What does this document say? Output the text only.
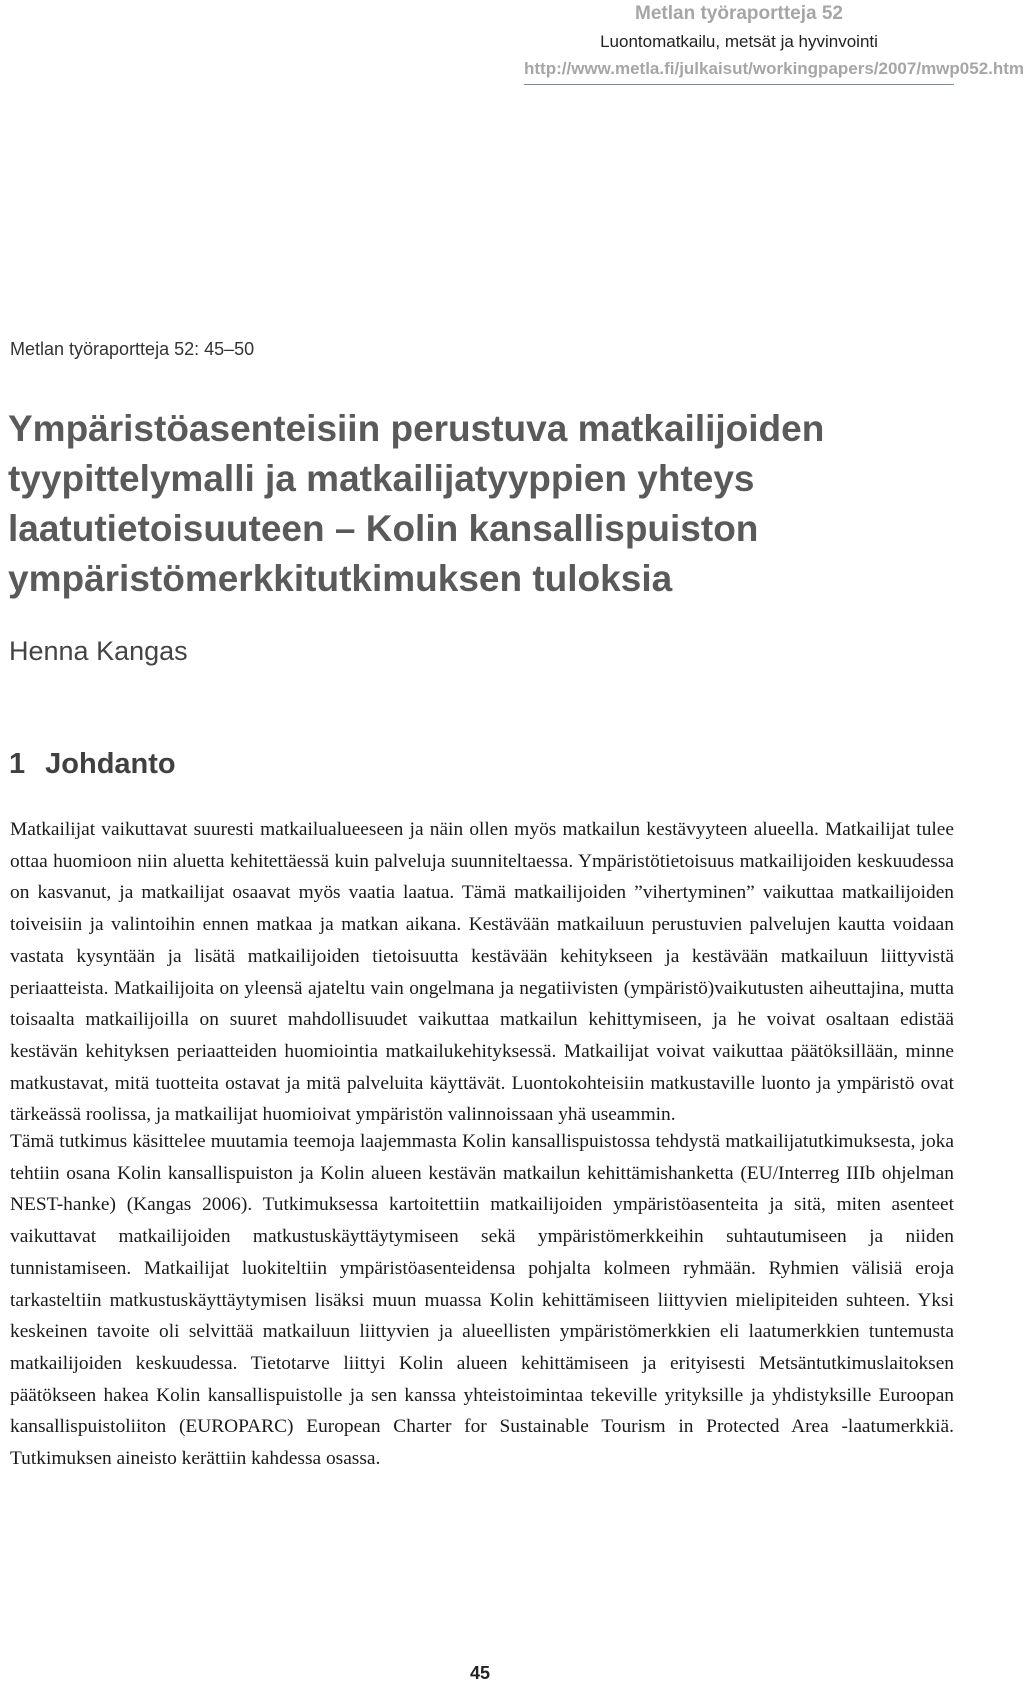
Metlan työraportteja 52
Luontomatkailu, metsät ja hyvinvointi
http://www.metla.fi/julkaisut/workingpapers/2007/mwp052.htm
Metlan työraportteja 52: 45–50
Ympäristöasenteisiin perustuva matkailijoiden
tyypittelymalli ja matkailijatyyppien yhteys
laatutietoisuuteen – Kolin kansallispuiston
ympäristömerkkitutkimuksen tuloksia
Henna Kangas
1 Johdanto

Matkailijat vaikuttavat suuresti matkailualueeseen ja näin ollen myös matkailun kestävyyteen alueella. Matkailijat tulee ottaa huomioon niin aluetta kehitettäessä kuin palveluja suunniteltaessa. Ympäristötietoisuus matkailijoiden keskuudessa on kasvanut, ja matkailijat osaavat myös vaatia laatua. Tämä matkailijoiden ”vihertyminen” vaikuttaa matkailijoiden toiveisiin ja valintoihin ennen matkaa ja matkan aikana. Kestävään matkailuun perustuvien palvelujen kautta voidaan vastata kysyntään ja lisätä matkailijoiden tietoisuutta kestävään kehitykseen ja kestävään matkailuun liittyvistä periaatteista. Matkailijoita on yleensä ajateltu vain ongelmana ja negatiivisten (ympäristö)vaikutusten aiheuttajina, mutta toisaalta matkailijoilla on suuret mahdollisuudet vaikuttaa matkailun kehittymiseen, ja he voivat osaltaan edistää kestävän kehityksen periaatteiden huomiointia matkailukehityksessä. Matkailijat voivat vaikuttaa päätöksillään, minne matkustavat, mitä tuotteita ostavat ja mitä palveluita käyttävät. Luontokohteisiin matkustaville luonto ja ympäristö ovat tärkeässä roolissa, ja matkailijat huomioivat ympäristön valinnoissaan yhä useammin.

Tämä tutkimus käsittelee muutamia teemoja laajemmasta Kolin kansallispuistossa tehdystä matkailijatutkimuksesta, joka tehtiin osana Kolin kansallispuiston ja Kolin alueen kestävän matkailun kehittämishanketta (EU/Interreg IIIb ohjelman NEST-hanke) (Kangas 2006). Tutkimuksessa kartoitettiin matkailijoiden ympäristöasenteita ja sitä, miten asenteet vaikuttavat matkailijoiden matkustuskäyttäytymiseen sekä ympäristömerkkeihin suhtautumiseen ja niiden tunnistamiseen. Matkailijat luokiteltiin ympäristöasenteidensa pohjalta kolmeen ryhmään. Ryhmien välisiä eroja tarkasteltiin matkustuskäyttäytymisen lisäksi muun muassa Kolin kehittämiseen liittyvien mielipiteiden suhteen. Yksi keskeinen tavoite oli selvittää matkailuun liittyvien ja alueellisten ympäristömerkkien eli laatumerkkien tuntemusta matkailijoiden keskuudessa. Tietotarve liittyi Kolin alueen kehittämiseen ja erityisesti Metsäntutkimuslaitoksen päätökseen hakea Kolin kansallispuistolle ja sen kanssa yhteistoimintaa tekeville yrityksille ja yhdistyksille Euroopan kansallispuistoliiton (EUROPARC) European Charter for Sustainable Tourism in Protected Area -laatumerkkiä. Tutkimuksen aineisto kerättiin kahdessa osassa.

45
